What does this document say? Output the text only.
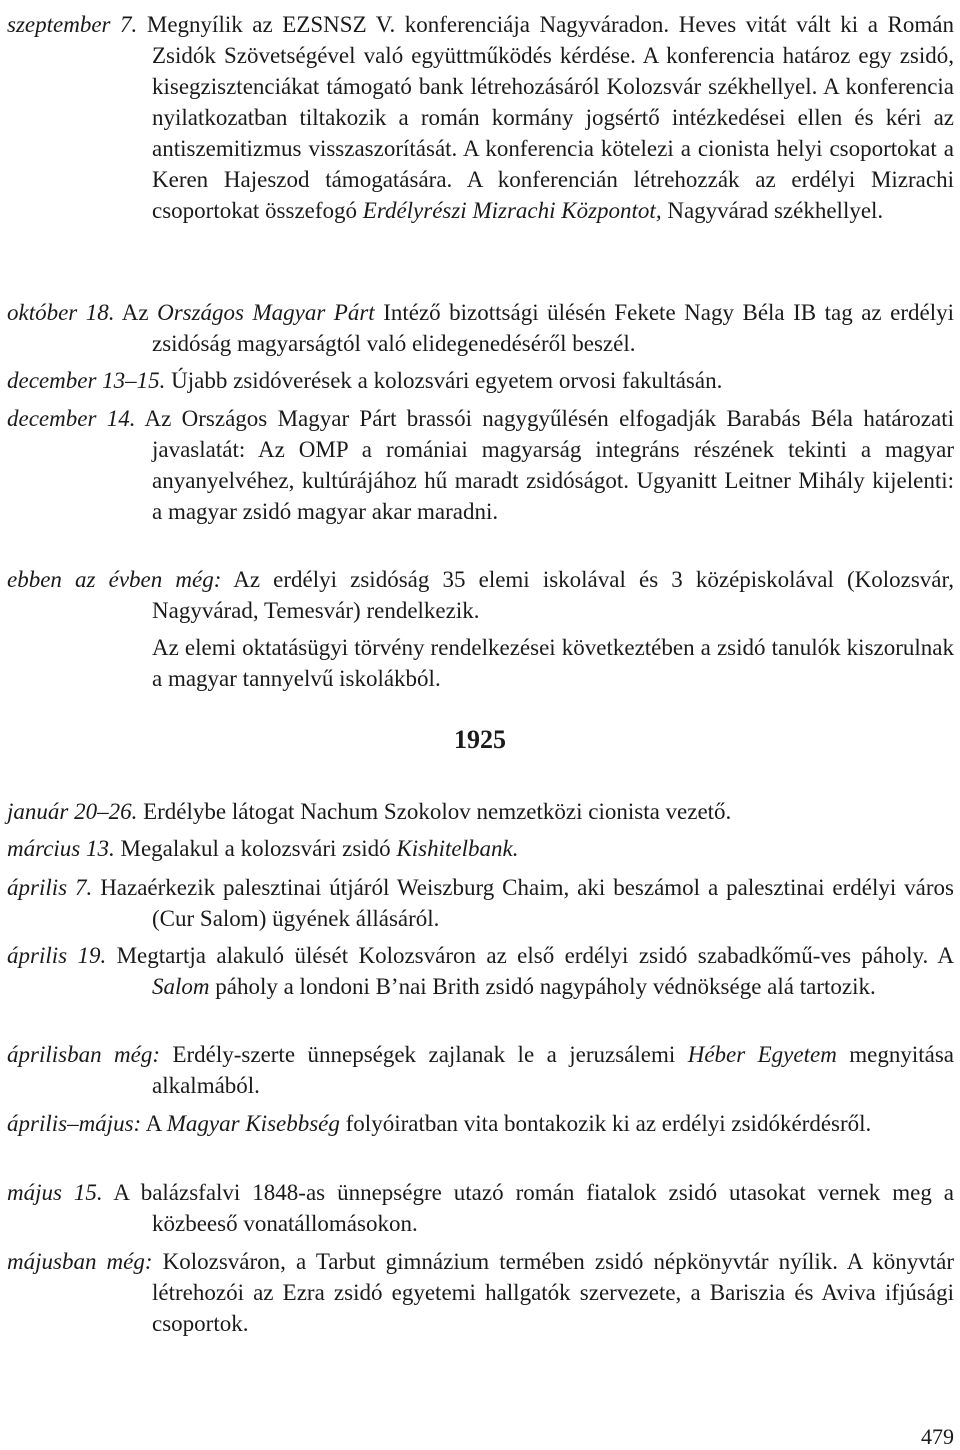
szeptember 7. Megnyílik az EZSNSZ V. konferenciája Nagyváradon. Heves vitát vált ki a Román Zsidók Szövetségével való együttműködés kérdése. A konferencia határoz egy zsidó, kisegzisztenciákat támogató bank létrehozásáról Kolozsvár székhellyel. A konferencia nyilatkozatban tiltakozik a román kormány jogsértő intézkedései ellen és kéri az antiszemitizmus visszaszorítását. A konferencia kötelezi a cionista helyi csoportokat a Keren Hajeszod támogatására. A konferencián létrehozzák az erdélyi Mizrachi csoportokat összefogó Erdélyrészi Mizrachi Központot, Nagyvárad székhellyel.

október 18. Az Országos Magyar Párt Intéző bizottsági ülésén Fekete Nagy Béla IB tag az erdélyi zsidóság magyarságtól való elidegenedéséről beszél.

december 13–15. Újabb zsidóverések a kolozsvári egyetem orvosi fakultásán.

december 14. Az Országos Magyar Párt brassói nagygyűlésén elfogadják Barabás Béla határozati javaslatát: Az OMP a romániai magyarság integráns részének tekinti a magyar anyanyelvéhez, kultúrájához hű maradt zsidóságot. Ugyanitt Leitner Mihály kijelenti: a magyar zsidó magyar akar maradni.

ebben az évben még: Az erdélyi zsidóság 35 elemi iskolával és 3 középiskolával (Kolozsvár, Nagyvárad, Temesvár) rendelkezik.

Az elemi oktatásügyi törvény rendelkezései következtében a zsidó tanulók kiszorulnak a magyar tannyelvű iskolákból.

1925

január 20–26. Erdélybe látogat Nachum Szokolov nemzetközi cionista vezető.

március 13. Megalakul a kolozsvári zsidó Kishitelbank.

április 7. Hazaérkezik palesztinai útjáról Weiszburg Chaim, aki beszámol a palesztinai erdélyi város (Cur Salom) ügyének állásáról.

április 19. Megtartja alakuló ülését Kolozsváron az első erdélyi zsidó szabadkőmű-ves páholy. A Salom páholy a londoni B’nai Brith zsidó nagypáholy védnöksége alá tartozik.

áprilisban még: Erdély-szerte ünnepségek zajlanak le a jeruzsálemi Héber Egyetem megnyitása alkalmából.

április–május: A Magyar Kisebbség folyóiratban vita bontakozik ki az erdélyi zsidókérdésről.

május 15. A balázsfalvi 1848-as ünnepségre utazó román fiatalok zsidó utasokat vernek meg a közbeeső vonatállomásokon.

májusban még: Kolozsváron, a Tarbut gimnázium termében zsidó népkönyvtár nyílik. A könyvtár létrehozói az Ezra zsidó egyetemi hallgatók szervezete, a Bariszia és Aviva ifjúsági csoportok.

479
